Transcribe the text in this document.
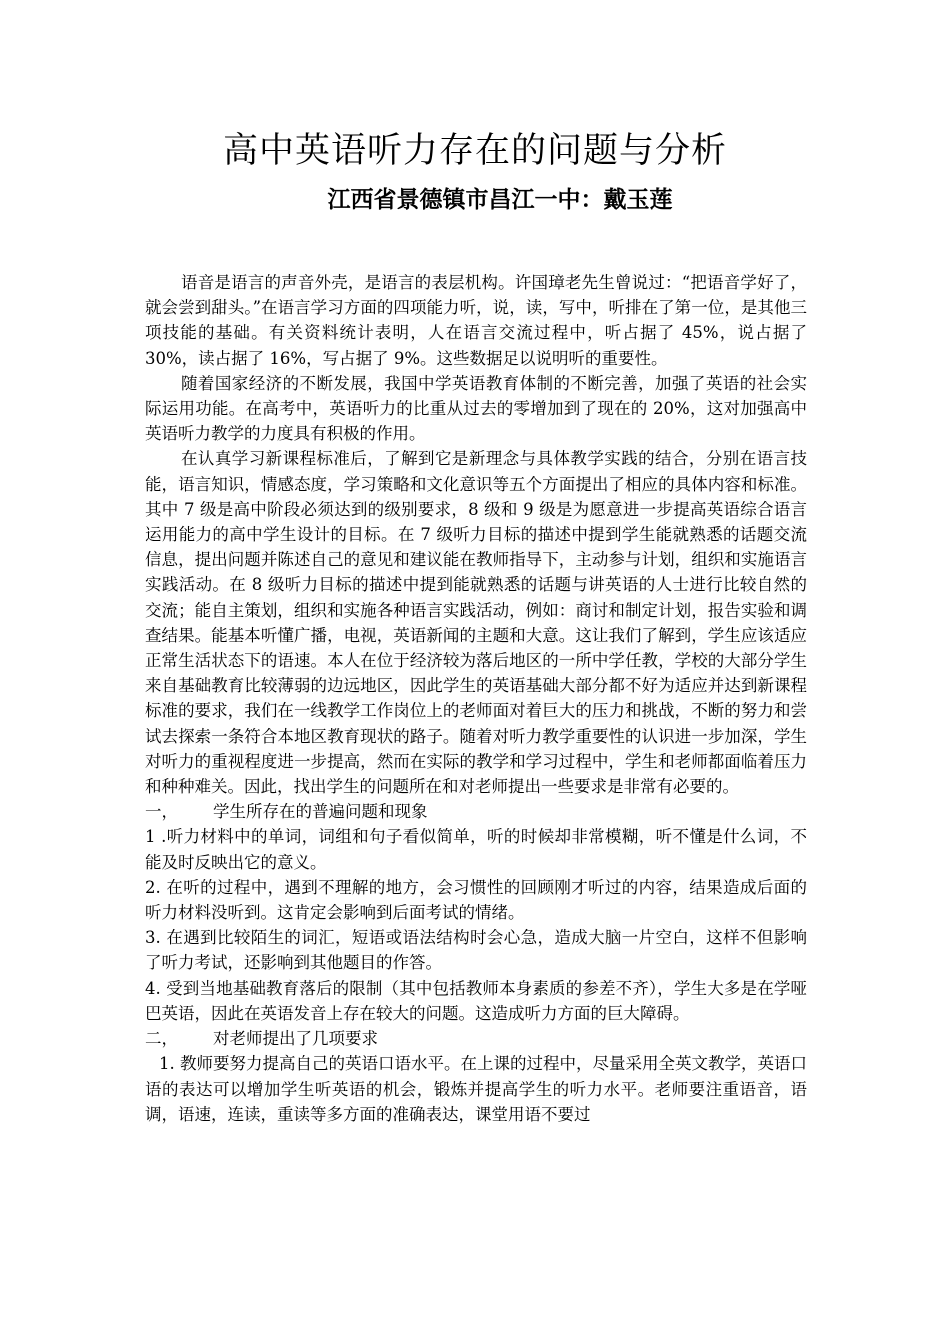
高中英语听力存在的问题与分析
江西省景德镇市昌江一中：戴玉莲

语音是语言的声音外壳，是语言的表层机构。许国璋老先生曾说过：“把语音学好了，就会尝到甜头。”在语言学习方面的四项能力听，说，读，写中，听排在了第一位，是其他三项技能的基础。有关资料统计表明，人在语言交流过程中，听占据了 45%，说占据了 30%，读占据了 16%，写占据了 9%。这些数据足以说明听的重要性。

随着国家经济的不断发展，我国中学英语教育体制的不断完善，加强了英语的社会实际运用功能。在高考中，英语听力的比重从过去的零增加到了现在的 20%，这对加强高中英语听力教学的力度具有积极的作用。

在认真学习新课程标准后，了解到它是新理念与具体教学实践的结合，分别在语言技能，语言知识，情感态度，学习策略和文化意识等五个方面提出了相应的具体内容和标准。其中 7 级是高中阶段必须达到的级别要求，8 级和 9 级是为愿意进一步提高英语综合语言运用能力的高中学生设计的目标。在 7 级听力目标的描述中提到学生能就熟悉的话题交流信息，提出问题并陈述自己的意见和建议能在教师指导下，主动参与计划，组织和实施语言实践活动。在 8 级听力目标的描述中提到能就熟悉的话题与讲英语的人士进行比较自然的交流；能自主策划，组织和实施各种语言实践活动，例如：商讨和制定计划，报告实验和调查结果。能基本听懂广播，电视，英语新闻的主题和大意。这让我们了解到，学生应该适应正常生活状态下的语速。本人在位于经济较为落后地区的一所中学任教，学校的大部分学生来自基础教育比较薄弱的边远地区，因此学生的英语基础大部分都不好为适应并达到新课程标准的要求，我们在一线教学工作岗位上的老师面对着巨大的压力和挑战，不断的努力和尝试去探索一条符合本地区教育现状的路子。随着对听力教学重要性的认识进一步加深，学生对听力的重视程度进一步提高，然而在实际的教学和学习过程中，学生和老师都面临着压力和种种难关。因此，找出学生的问题所在和对老师提出一些要求是非常有必要的。

一， 学生所存在的普遍问题和现象

1 .听力材料中的单词，词组和句子看似简单，听的时候却非常模糊，听不懂是什么词，不能及时反映出它的意义。

2. 在听的过程中，遇到不理解的地方，会习惯性的回顾刚才听过的内容，结果造成后面的听力材料没听到。这肯定会影响到后面考试的情绪。

3. 在遇到比较陌生的词汇，短语或语法结构时会心急，造成大脑一片空白，这样不但影响了听力考试，还影响到其他题目的作答。

4. 受到当地基础教育落后的限制（其中包括教师本身素质的参差不齐），学生大多是在学哑巴英语，因此在英语发音上存在较大的问题。这造成听力方面的巨大障碍。

二， 对老师提出了几项要求

1. 教师要努力提高自己的英语口语水平。在上课的过程中，尽量采用全英文教学，英语口语的表达可以增加学生听英语的机会，锻炼并提高学生的听力水平。老师要注重语音，语调，语速，连读，重读等多方面的准确表达，课堂用语不要过
